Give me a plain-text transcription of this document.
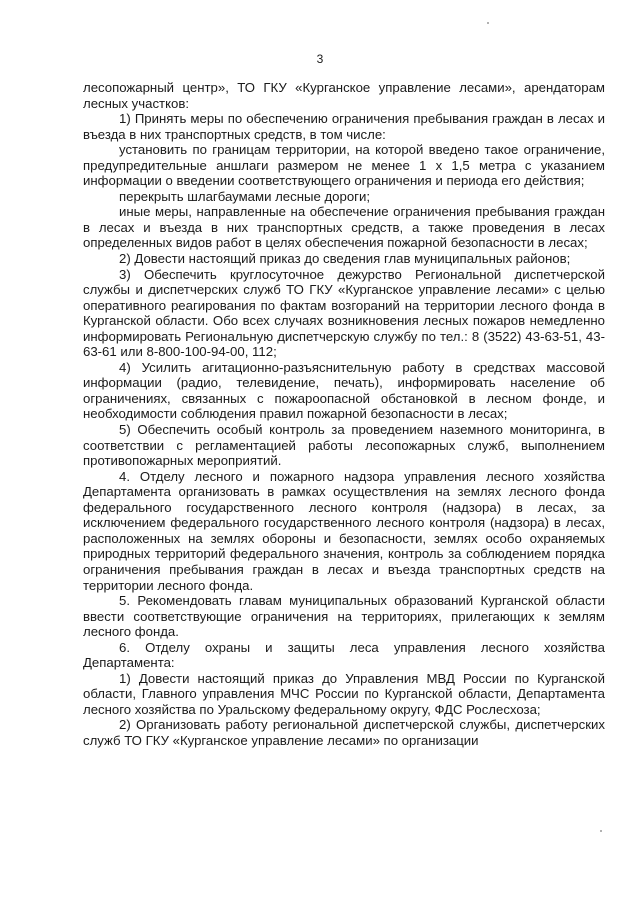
3

лесопожарный центр», ТО ГКУ «Курганское управление лесами», арендаторам лесных участков:

1) Принять меры по обеспечению ограничения пребывания граждан в лесах и въезда в них транспортных средств, в том числе:

установить по границам территории, на которой введено такое ограничение, предупредительные аншлаги размером не менее 1 х 1,5 метра с указанием информации о введении соответствующего ограничения и периода его действия;

перекрыть шлагбаумами лесные дороги;

иные меры, направленные на обеспечение ограничения пребывания граждан в лесах и въезда в них транспортных средств, а также проведения в лесах определенных видов работ в целях обеспечения пожарной безопасности в лесах;

2) Довести настоящий приказ до сведения глав муниципальных районов;

3) Обеспечить круглосуточное дежурство Региональной диспетчерской службы и диспетчерских служб ТО ГКУ «Курганское управление лесами» с целью оперативного реагирования по фактам возгораний на территории лесного фонда в Курганской области. Обо всех случаях возникновения лесных пожаров немедленно информировать Региональную диспетчерскую службу по тел.: 8 (3522) 43-63-51, 43-63-61 или 8-800-100-94-00, 112;

4) Усилить агитационно-разъяснительную работу в средствах массовой информации (радио, телевидение, печать), информировать население об ограничениях, связанных с пожароопасной обстановкой в лесном фонде, и необходимости соблюдения правил пожарной безопасности в лесах;

5) Обеспечить особый контроль за проведением наземного мониторинга, в соответствии с регламентацией работы лесопожарных служб, выполнением противопожарных мероприятий.

4. Отделу лесного и пожарного надзора управления лесного хозяйства Департамента организовать в рамках осуществления на землях лесного фонда федерального государственного лесного контроля (надзора) в лесах, за исключением федерального государственного лесного контроля (надзора) в лесах, расположенных на землях обороны и безопасности, землях особо охраняемых природных территорий федерального значения, контроль за соблюдением порядка ограничения пребывания граждан в лесах и въезда транспортных средств на территории лесного фонда.

5. Рекомендовать главам муниципальных образований Курганской области ввести соответствующие ограничения на территориях, прилегающих к землям лесного фонда.

6. Отделу охраны и защиты леса управления лесного хозяйства Департамента:

1) Довести настоящий приказ до Управления МВД России по Курганской области, Главного управления МЧС России по Курганской области, Департамента лесного хозяйства по Уральскому федеральному округу, ФДС Рослесхоза;

2) Организовать работу региональной диспетчерской службы, диспетчерских служб ТО ГКУ «Курганское управление лесами» по организации
